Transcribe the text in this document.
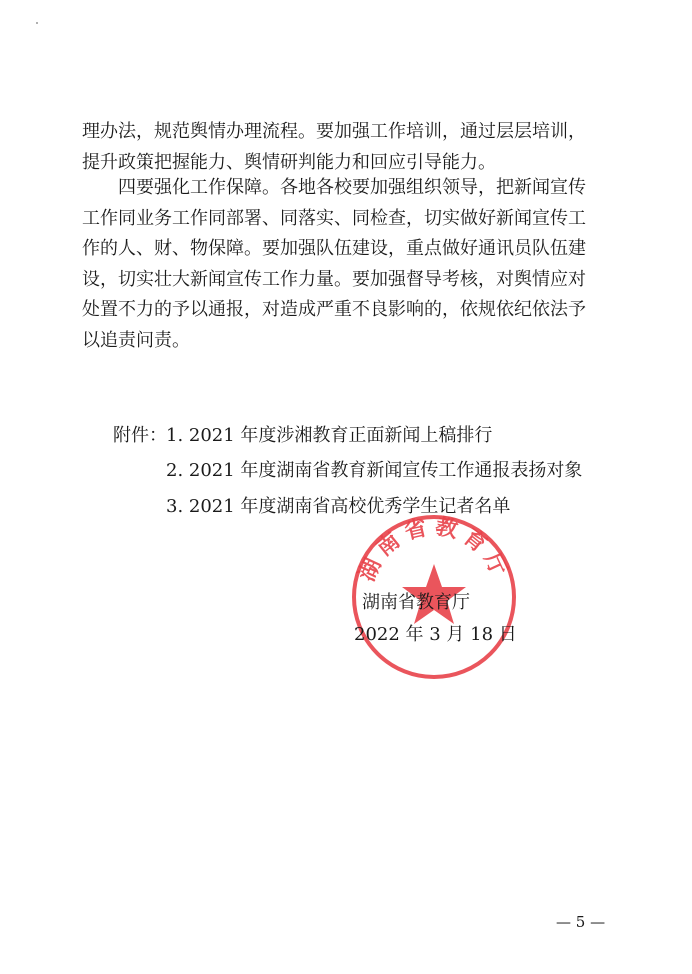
理办法，规范舆情办理流程。要加强工作培训，通过层层培训，
提升政策把握能力、舆情研判能力和回应引导能力。
四要强化工作保障。各地各校要加强组织领导，把新闻宣传
工作同业务工作同部署、同落实、同检查，切实做好新闻宣传工
作的人、财、物保障。要加强队伍建设，重点做好通讯员队伍建
设，切实壮大新闻宣传工作力量。要加强督导考核，对舆情应对
处置不力的予以通报，对造成严重不良影响的，依规依纪依法予
以追责问责。
附件： 1. 2021 年度涉湘教育正面新闻上稿排行
2. 2021 年度湖南省教育新闻宣传工作通报表扬对象
3. 2021 年度湖南省高校优秀学生记者名单
湖南省教育厅
湖南省教育厅
2022 年 3 月 18 日
— 5 —
